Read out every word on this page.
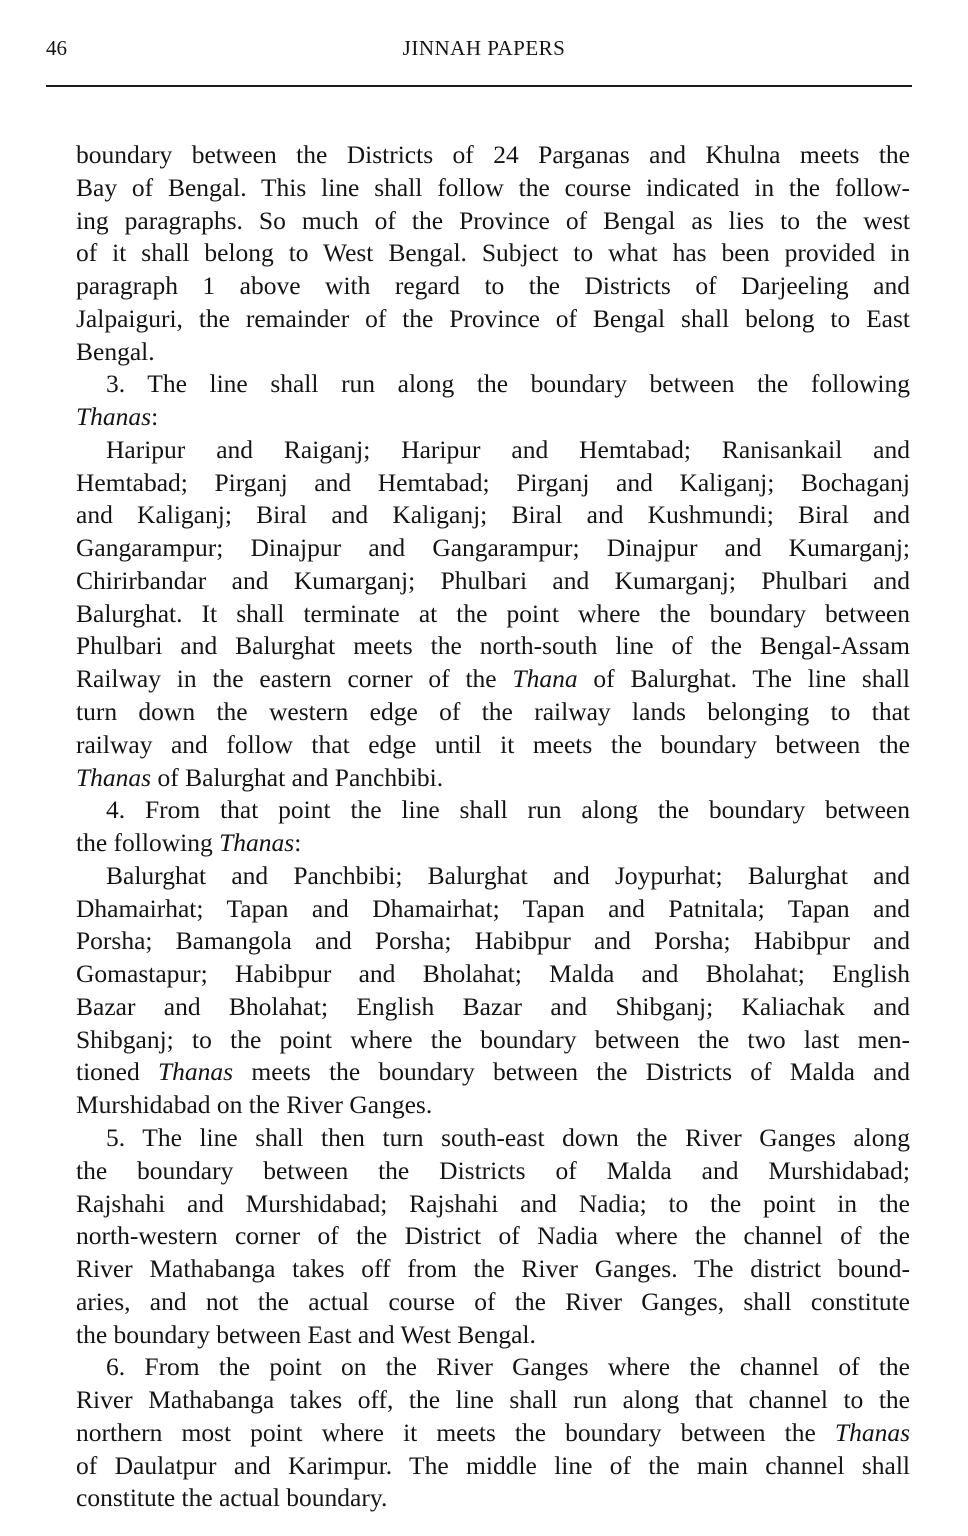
46	JINNAH PAPERS
boundary between the Districts of 24 Parganas and Khulna meets the
Bay of Bengal. This line shall follow the course indicated in the follow-
ing paragraphs. So much of the Province of Bengal as lies to the west
of it shall belong to West Bengal. Subject to what has been provided in
paragraph 1 above with regard to the Districts of Darjeeling and
Jalpaiguri, the remainder of the Province of Bengal shall belong to East
Bengal.
3. The line shall run along the boundary between the following
Thanas:
Haripur and Raiganj; Haripur and Hemtabad; Ranisankail and
Hemtabad; Pirganj and Hemtabad; Pirganj and Kaliganj; Bochaganj
and Kaliganj; Biral and Kaliganj; Biral and Kushmundi; Biral and
Gangarampur; Dinajpur and Gangarampur; Dinajpur and Kumarganj;
Chirirbandar and Kumarganj; Phulbari and Kumarganj; Phulbari and
Balurghat. It shall terminate at the point where the boundary between
Phulbari and Balurghat meets the north-south line of the Bengal-Assam
Railway in the eastern corner of the Thana of Balurghat. The line shall
turn down the western edge of the railway lands belonging to that
railway and follow that edge until it meets the boundary between the
Thanas of Balurghat and Panchbibi.
4. From that point the line shall run along the boundary between
the following Thanas:
Balurghat and Panchbibi; Balurghat and Joypurhat; Balurghat and
Dhamairhat; Tapan and Dhamairhat; Tapan and Patnitala; Tapan and
Porsha; Bamangola and Porsha; Habibpur and Porsha; Habibpur and
Gomastapur; Habibpur and Bholahat; Malda and Bholahat; English
Bazar and Bholahat; English Bazar and Shibganj; Kaliachak and
Shibganj; to the point where the boundary between the two last men-
tioned Thanas meets the boundary between the Districts of Malda and
Murshidabad on the River Ganges.
5. The line shall then turn south-east down the River Ganges along
the boundary between the Districts of Malda and Murshidabad;
Rajshahi and Murshidabad; Rajshahi and Nadia; to the point in the
north-western corner of the District of Nadia where the channel of the
River Mathabanga takes off from the River Ganges. The district bound-
aries, and not the actual course of the River Ganges, shall constitute
the boundary between East and West Bengal.
6. From the point on the River Ganges where the channel of the
River Mathabanga takes off, the line shall run along that channel to the
northern most point where it meets the boundary between the Thanas
of Daulatpur and Karimpur. The middle line of the main channel shall
constitute the actual boundary.
